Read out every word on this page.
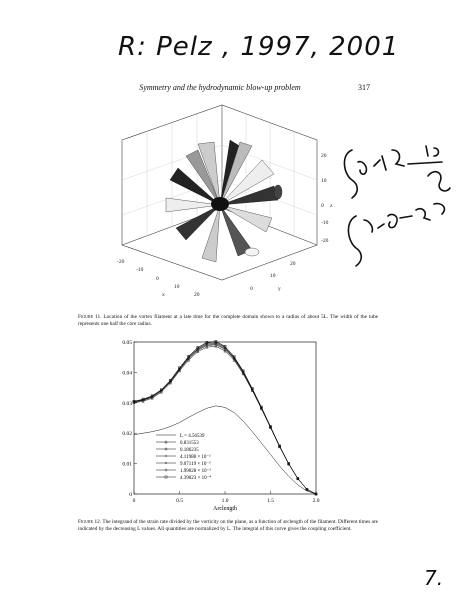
R: Pelz , 1997, 2001
Symmetry and the hydrodynamic blow-up problem	317
20
10
0
-10
-20
z
-20
-10
0
10
20
x
0
10
20
y
Figure 11. Location of the vortex filament at a late time for the complete domain shown to a radius of about 5L. The width of the tube represents one half the core radius.
0	0.5	1.0	1.5	2.0
0
0.01
0.02
0.03
0.04
0.05
Arclength
L = 4.56539
0.831553
0.186235
4.11988 × 10⁻²
9.07119 × 10⁻³
1.99028 × 10⁻³
4.39023 × 10⁻⁴
Figure 12. The integrand of the strain rate divided by the vorticity on the plane, as a function of arclength of the filament. Different times are indicated by the decreasing L values. All quantities are normalized by L. The integral of this curve gives the coupling coefficient.
7.
